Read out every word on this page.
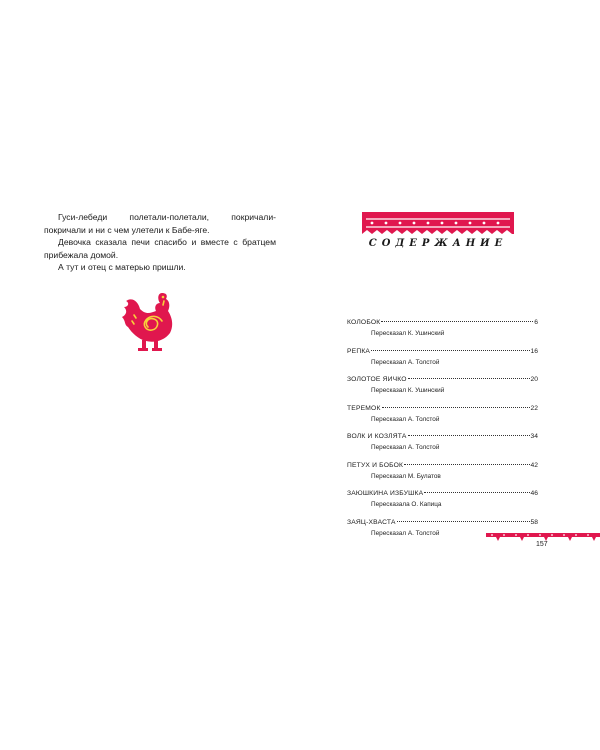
Гуси-лебеди полетали-полетали, покричали-покричали и ни с чем улетели к Бабе-яге.

Девочка сказала печи спасибо и вместе с братцем прибежала домой.

А тут и отец с матерью пришли.

СОДЕРЖАНИЕ
КОЛОБОК	6
Пересказал К. Ушинский
РЕПКА	16
Пересказал А. Толстой
ЗОЛОТОЕ ЯИЧКО	20
Пересказал К. Ушинский
ТЕРЕМОК	22
Пересказал А. Толстой
ВОЛК И КОЗЛЯТА	34
Пересказал А. Толстой
ПЕТУХ И БОБОК	42
Пересказал М. Булатов
ЗАЮШКИНА ИЗБУШКА	46
Пересказала О. Капица
ЗАЯЦ-ХВАСТА	58
Пересказал А. Толстой
157
